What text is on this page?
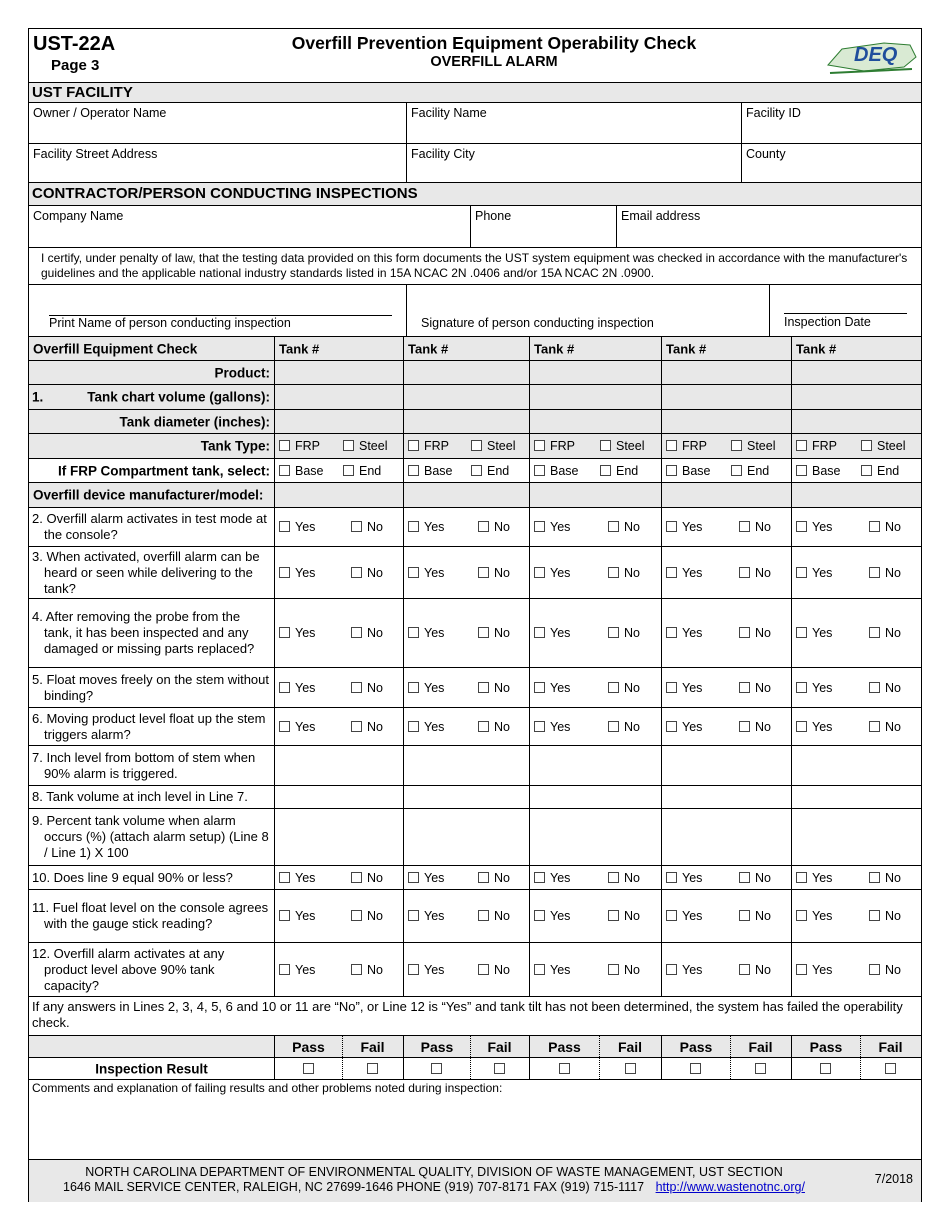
UST-22A
Page 3
Overfill Prevention Equipment Operability Check
OVERFILL ALARM	DEQ
UST FACILITY
Owner / Operator Name	Facility Name	Facility ID
Facility Street Address	Facility City	County
CONTRACTOR/PERSON CONDUCTING INSPECTIONS
Company Name	Phone	Email address
I certify, under penalty of law, that the testing data provided on this form documents the UST system equipment was checked in accordance with the manufacturer's guidelines and the applicable national industry standards listed in 15A NCAC 2N .0406 and/or 15A NCAC 2N .0900.
Print Name of person conducting inspection	Signature of person conducting inspection	Inspection Date
Overfill Equipment Check	Tank #	Tank #	Tank #	Tank #	Tank #
Product:
1.	Tank chart volume (gallons):
Tank diameter (inches):
Tank Type:	FRP	Steel	FRP	Steel	FRP	Steel	FRP	Steel	FRP	Steel
If FRP Compartment tank, select:	Base	End	Base	End	Base	End	Base	End	Base	End
Overfill device manufacturer/model:
2. Overfill alarm activates in test mode at the console?	Yes	No	Yes	No	Yes	No	Yes	No	Yes	No
3. When activated, overfill alarm can be heard or seen while delivering to the tank?
Yes	No	Yes	No	Yes	No	Yes	No	Yes	No
4. After removing the probe from the tank, it has been inspected and any damaged or missing parts replaced?
Yes	No	Yes	No	Yes	No	Yes	No	Yes	No
5. Float moves freely on the stem without binding?	Yes	No	Yes	No	Yes	No	Yes	No	Yes	No
6. Moving product level float up the stem triggers alarm?	Yes	No	Yes	No	Yes	No	Yes	No	Yes	No
7. Inch level from bottom of stem when 90% alarm is triggered.
8. Tank volume at inch level in Line 7.
9. Percent tank volume when alarm occurs (%) (attach alarm setup) (Line 8 / Line 1) X 100
10. Does line 9 equal 90% or less?	Yes	No	Yes	No	Yes	No	Yes	No	Yes	No
11. Fuel float level on the console agrees with the gauge stick reading?	Yes	No	Yes	No	Yes	No	Yes	No	Yes	No
12. Overfill alarm activates at any product level above 90% tank capacity?
Yes	No	Yes	No	Yes	No	Yes	No	Yes	No
If any answers in Lines 2, 3, 4, 5, 6 and 10 or 11 are “No”, or Line 12 is “Yes” and tank tilt has not been determined, the system has failed the operability check.
Pass	Fail	Pass	Fail	Pass	Fail	Pass	Fail	Pass	Fail
Inspection Result
Comments and explanation of failing results and other problems noted during inspection:
NORTH CAROLINA DEPARTMENT OF ENVIRONMENTAL QUALITY, DIVISION OF WASTE MANAGEMENT, UST SECTION
1646 MAIL SERVICE CENTER, RALEIGH, NC 27699-1646 PHONE (919) 707-8171 FAX (919) 715-1117 http://www.wastenotnc.org/
7/2018
